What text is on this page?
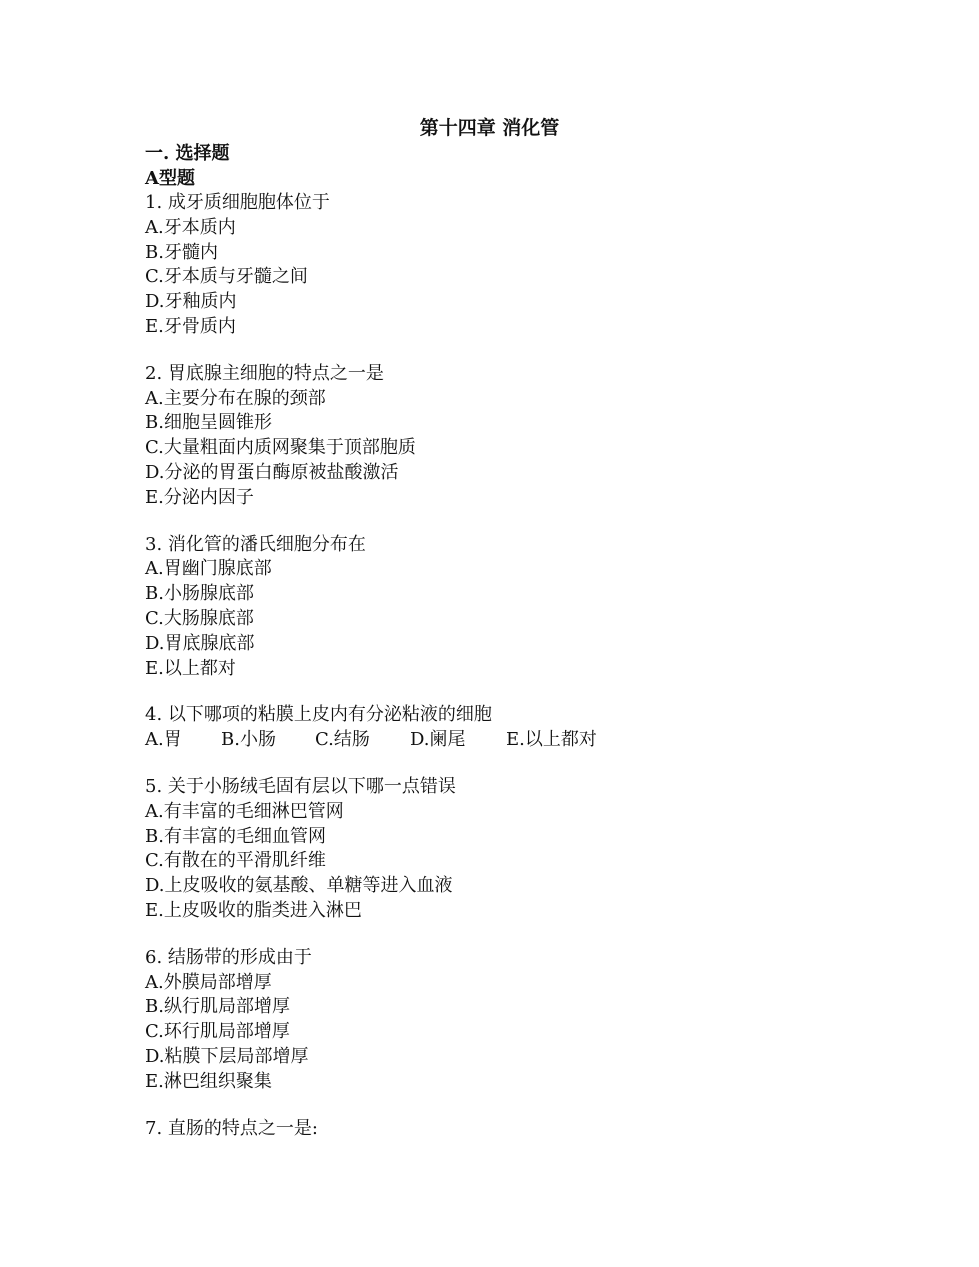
第十四章 消化管
一. 选择题
A型题
1. 成牙质细胞胞体位于
A.牙本质内
B.牙髓内
C.牙本质与牙髓之间
D.牙釉质内
E.牙骨质内
2. 胃底腺主细胞的特点之一是
A.主要分布在腺的颈部
B.细胞呈圆锥形
C.大量粗面内质网聚集于顶部胞质
D.分泌的胃蛋白酶原被盐酸激活
E.分泌内因子
3. 消化管的潘氏细胞分布在
A.胃幽门腺底部
B.小肠腺底部
C.大肠腺底部
D.胃底腺底部
E.以上都对
4. 以下哪项的粘膜上皮内有分泌粘液的细胞
A.胃	B.小肠	C.结肠	D.阑尾	E.以上都对
5. 关于小肠绒毛固有层以下哪一点错误
A.有丰富的毛细淋巴管网
B.有丰富的毛细血管网
C.有散在的平滑肌纤维
D.上皮吸收的氨基酸、单糖等进入血液
E.上皮吸收的脂类进入淋巴
6. 结肠带的形成由于
A.外膜局部增厚
B.纵行肌局部增厚
C.环行肌局部增厚
D.粘膜下层局部增厚
E.淋巴组织聚集
7. 直肠的特点之一是:
